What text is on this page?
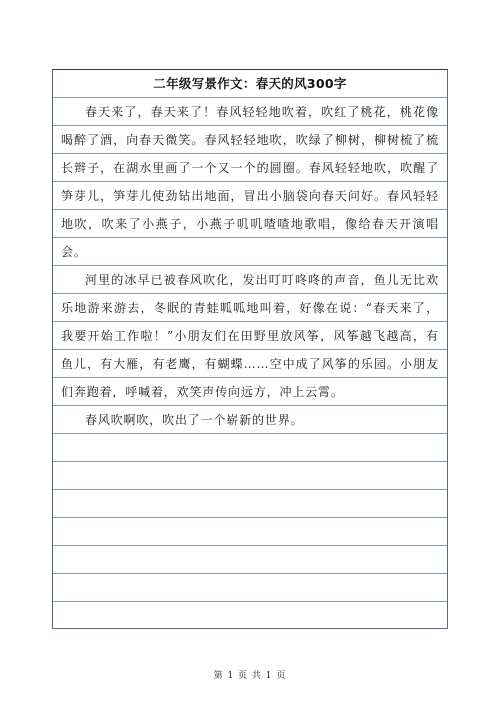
二年级写景作文：春天的风300字

春天来了，春天来了！春风轻轻地吹着，吹红了桃花，桃花像喝醉了酒，向春天微笑。春风轻轻地吹，吹绿了柳树，柳树梳了梳长辫子，在湖水里画了一个又一个的圆圈。春风轻轻地吹，吹醒了笋芽儿，笋芽儿使劲钻出地面，冒出小脑袋向春天问好。春风轻轻地吹，吹来了小燕子，小燕子叽叽喳喳地歌唱，像给春天开演唱会。

河里的冰早已被春风吹化，发出叮叮咚咚的声音，鱼儿无比欢乐地游来游去，冬眠的青蛙呱呱地叫着，好像在说：“春天来了，我要开始工作啦！”小朋友们在田野里放风筝，风筝越飞越高，有鱼儿，有大雁，有老鹰，有蝴蝶……空中成了风筝的乐园。小朋友们奔跑着，呼喊着，欢笑声传向远方，冲上云霄。

春风吹啊吹，吹出了一个崭新的世界。

第 1 页 共 1 页
